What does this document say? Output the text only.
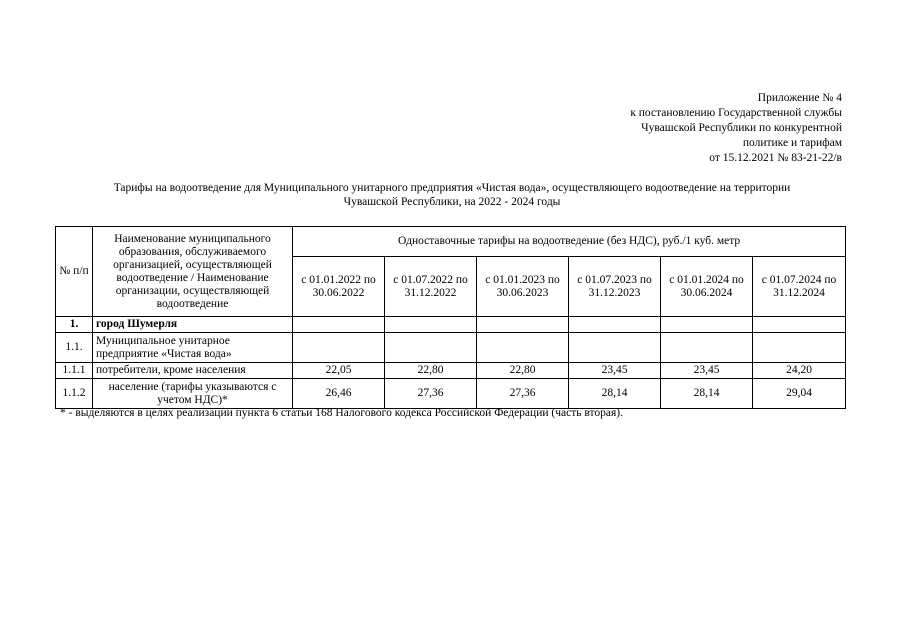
Приложение № 4
к постановлению Государственной службы
Чувашской Республики по конкурентной
политике и тарифам
от 15.12.2021 № 83-21-22/в
Тарифы на водоотведение для Муниципального унитарного предприятия «Чистая вода», осуществляющего водоотведение на территории
Чувашской Республики, на 2022 - 2024 годы
№ п/п	Наименование муниципального образования, обслуживаемого организацией, осуществляющей водоотведение / Наименование организации, осуществляющей водоотведение	Одноставочные тарифы на водоотведение (без НДС), руб./1 куб. метр					
		с 01.01.2022 по 30.06.2022	с 01.07.2022 по 31.12.2022	с 01.01.2023 по 30.06.2023	с 01.07.2023 по 31.12.2023	с 01.01.2024 по 30.06.2024	с 01.07.2024 по 31.12.2024
1.	город Шумерля						
1.1.	Муниципальное унитарное предприятие «Чистая вода»						
1.1.1	потребители, кроме населения	22,05	22,80	22,80	23,45	23,45	24,20
1.1.2	население (тарифы указываются с учетом НДС)*	26,46	27,36	27,36	28,14	28,14	29,04
* - выделяются в целях реализации пункта 6 статьи 168 Налогового кодекса Российской Федерации (часть вторая).
